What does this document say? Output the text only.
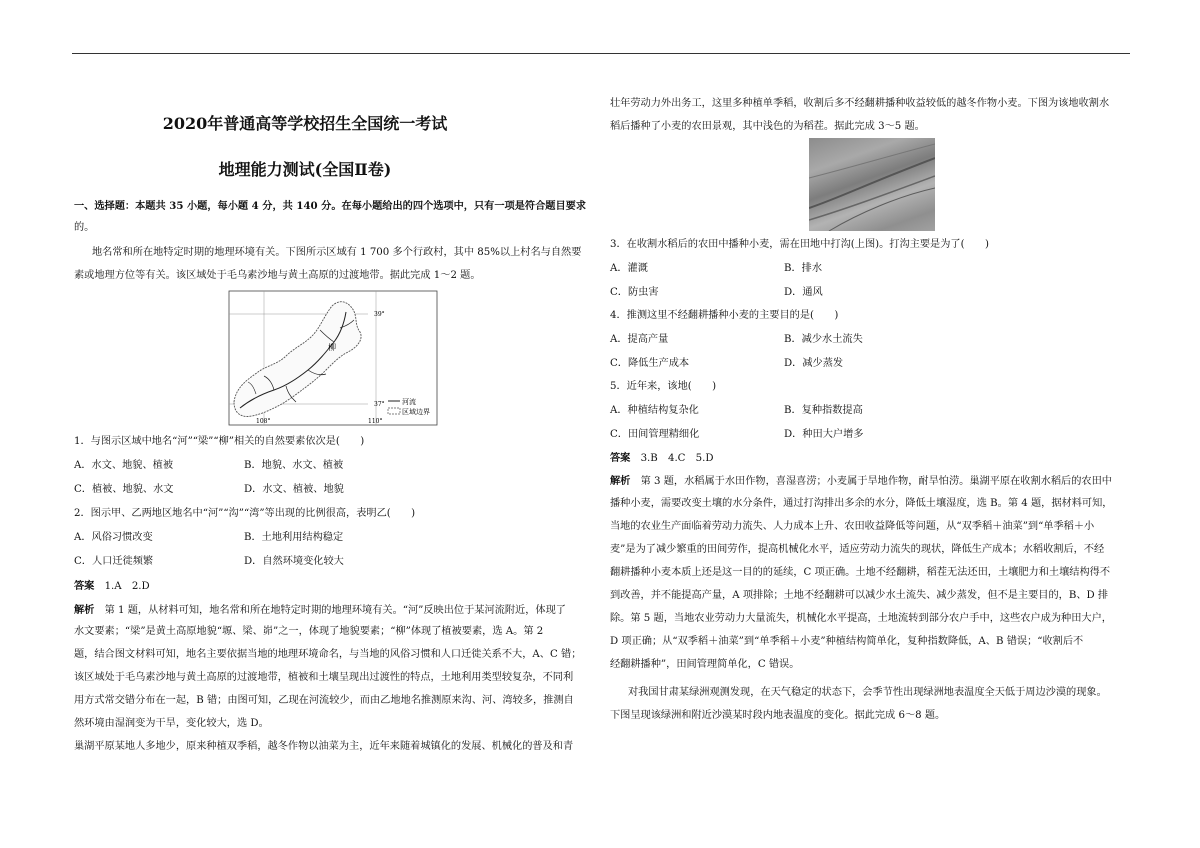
2020年普通高等学校招生全国统一考试
地理能力测试(全国Ⅱ卷)
一、选择题：本题共 35 小题，每小题 4 分，共 140 分。在每小题给出的四个选项中，只有一项是符合题目要求
的。
地名常和所在地特定时期的地理环境有关。下图所示区域有 1 700 多个行政村，其中 85%以上村名与自然要
素或地理方位等有关。该区域处于毛乌素沙地与黄土高原的过渡地带。据此完成 1～2 题。
柳
39°
37°
108°	110°
河流
区域边界
1．与图示区域中地名“河”“梁”“柳”相关的自然要素依次是(　　)
A．水文、地貌、植被	B．地貌、水文、植被
C．植被、地貌、水文	D．水文、植被、地貌
2．图示甲、乙两地区地名中“河”“沟”“湾”等出现的比例很高，表明乙(　　)
A．风俗习惯改变	B．土地利用结构稳定
C．人口迁徙频繁	D．自然环境变化较大
答案　 1.A　2.D
解析　 第 1 题，从材料可知，地名常和所在地特定时期的地理环境有关。“河”反映出位于某河流附近，体现了
水文要素；“梁”是黄土高原地貌“塬、梁、峁”之一，体现了地貌要素；“柳”体现了植被要素，选 A。第 2
题，结合图文材料可知，地名主要依据当地的地理环境命名，与当地的风俗习惯和人口迁徙关系不大，A、C 错；
该区域处于毛乌素沙地与黄土高原的过渡地带，植被和土壤呈现出过渡性的特点，土地利用类型较复杂，不同利
用方式常交错分布在一起，B 错；由图可知，乙现在河流较少，而由乙地地名推测原来沟、河、湾较多，推测自
然环境由湿润变为干旱，变化较大，选 D。
巢湖平原某地人多地少，原来种植双季稻，越冬作物以油菜为主，近年来随着城镇化的发展、机械化的普及和青
壮年劳动力外出务工，这里多种植单季稻，收割后多不经翻耕播种收益较低的越冬作物小麦。下图为该地收割水
稻后播种了小麦的农田景观，其中浅色的为稻茬。据此完成 3～5 题。
3．在收割水稻后的农田中播种小麦，需在田地中打沟(上图)。打沟主要是为了(　　)
A．灌溉	B．排水
C．防虫害	D．通风
4．推测这里不经翻耕播种小麦的主要目的是(　　)
A．提高产量	B．减少水土流失
C．降低生产成本	D．减少蒸发
5．近年来，该地(　　)
A．种植结构复杂化	B．复种指数提高
C．田间管理精细化	D．种田大户增多
答案　 3.B　4.C　5.D
解析　 第 3 题，水稻属于水田作物，喜湿喜涝；小麦属于旱地作物，耐旱怕涝。巢湖平原在收割水稻后的农田中
播种小麦，需要改变土壤的水分条件，通过打沟排出多余的水分，降低土壤湿度，选 B。第 4 题，据材料可知，
当地的农业生产面临着劳动力流失、人力成本上升、农田收益降低等问题，从“双季稻＋油菜”到“单季稻＋小
麦”是为了减少繁重的田间劳作，提高机械化水平，适应劳动力流失的现状，降低生产成本；水稻收割后，不经
翻耕播种小麦本质上还是这一目的的延续，C 项正确。土地不经翻耕，稻茬无法还田，土壤肥力和土壤结构得不
到改善，并不能提高产量，A 项排除；土地不经翻耕可以减少水土流失、减少蒸发，但不是主要目的，B、D 排
除。第 5 题，当地农业劳动力大量流失，机械化水平提高，土地流转到部分农户手中，这些农户成为种田大户，
D 项正确；从“双季稻＋油菜”到“单季稻＋小麦”种植结构简单化，复种指数降低，A、B 错误；“收割后不
经翻耕播种”，田间管理简单化，C 错误。
对我国甘肃某绿洲观测发现，在天气稳定的状态下，会季节性出现绿洲地表温度全天低于周边沙漠的现象。
下图呈现该绿洲和附近沙漠某时段内地表温度的变化。据此完成 6～8 题。
